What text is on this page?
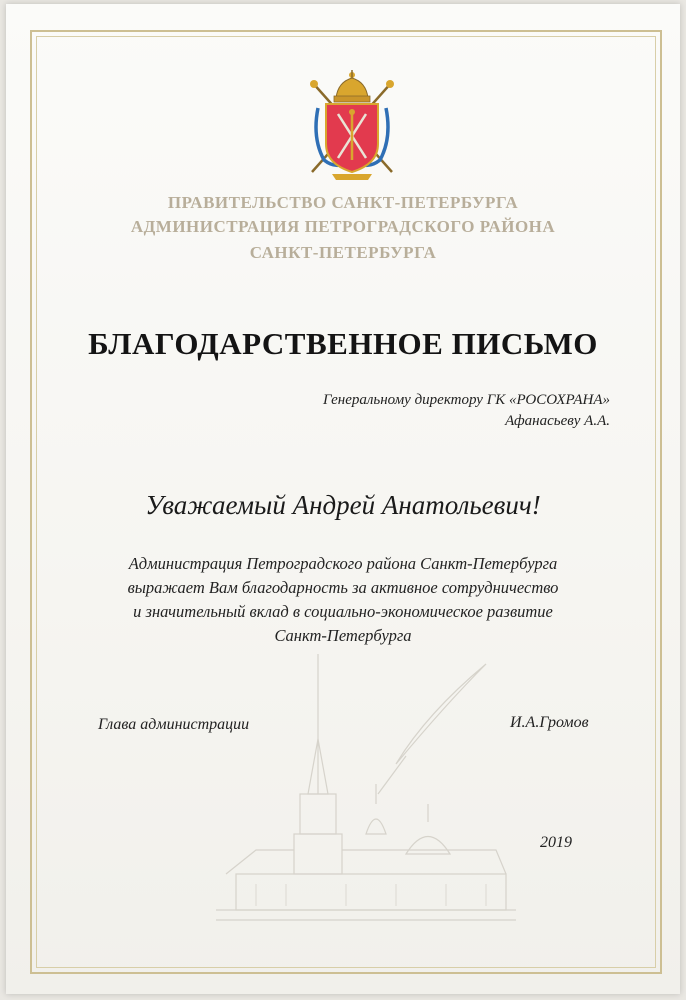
ПРАВИТЕЛЬСТВО САНКТ-ПЕТЕРБУРГА

АДМИНИСТРАЦИЯ ПЕТРОГРАДСКОГО РАЙОНА

САНКТ-ПЕТЕРБУРГА

БЛАГОДАРСТВЕННОЕ ПИСЬМО
Генеральному директору ГК «РОСОХРАНА»
Афанасьеву А.А.
Уважаемый Андрей Анатольевич!
Администрация Петроградского района Санкт-Петербурга
выражает Вам благодарность за активное сотрудничество
и значительный вклад в социально-экономическое развитие
Санкт-Петербурга
Глава администрации	И.А.Громов
2019
